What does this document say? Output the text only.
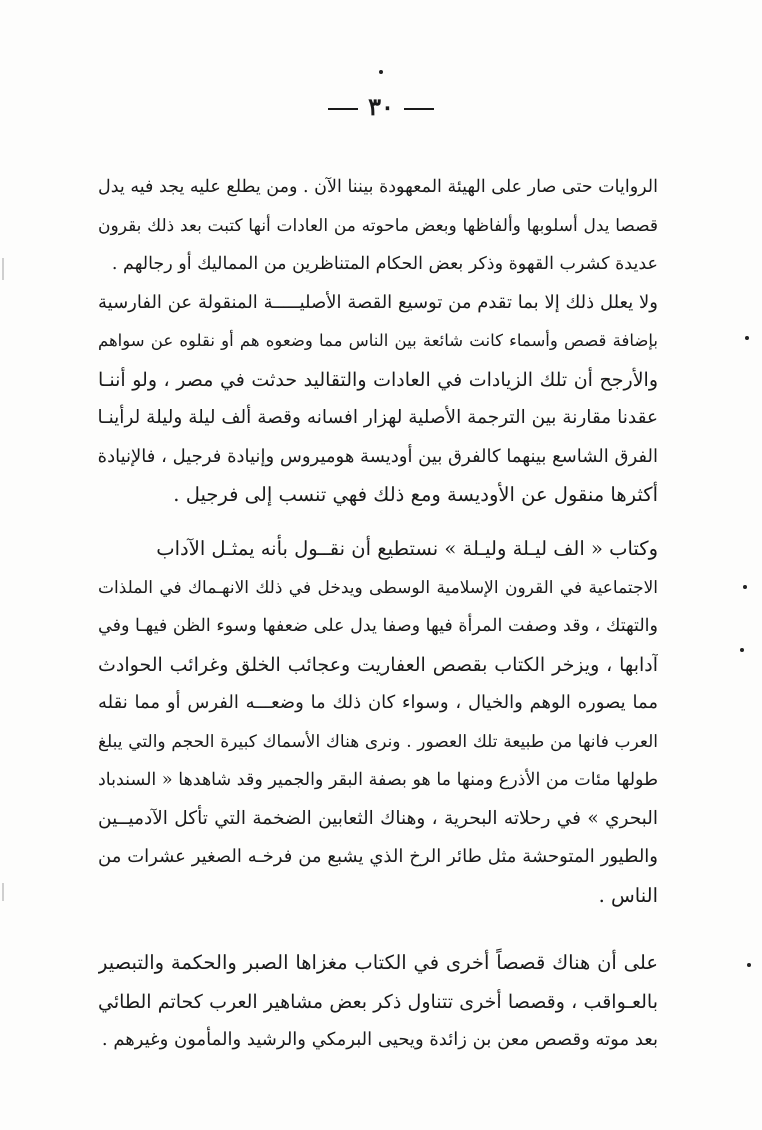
٣٠
الروايات حتى صار على الهيئة المعهودة بيننا الآن . ومن يطلع عليه يجد فيه يدل
قصصا يدل أسلوبها وألفاظها وبعض ماحوته من العادات أنها كتبت بعد ذلك بقرون
عديدة كشرب القهوة وذكر بعض الحكام المتناظرين من المماليك أو رجالهم .
ولا يعلل ذلك إلا بما تقدم من توسيع القصة الأصليـــــة المنقولة عن الفارسية
بإضافة قصص وأسماء كانت شائعة بين الناس مما وضعوه هم أو نقلوه عن سواهم
والأرجح أن تلك الزيادات في العادات والتقاليد حدثت في مصر ، ولو أننـا
عقدنا مقارنة بين الترجمة الأصلية لهزار افسانه وقصة ألف ليلة وليلة لرأينـا
الفرق الشاسع بينهما كالفرق بين أوديسة هوميروس وإنيادة فرجيل ، فالإنيادة
أكثرها منقول عن الأوديسة ومع ذلك فهي تنسب إلى فرجيل .
وكتاب « الف ليـلة وليـلة » نستطيع أن نقــول بأنه يمثـل الآداب
الاجتماعية في القرون الإسلامية الوسطى ويدخل في ذلك الانهـماك في الملذات
والتهتك ، وقد وصفت المرأة فيها وصفا يدل على ضعفها وسوء الظن فيهـا وفي
آدابها ، ويزخر الكتاب بقصص العفاريت وعجائب الخلق وغرائب الحوادث
مما يصوره الوهم والخيال ، وسواء كان ذلك ما وضعـــه الفرس أو مما نقله
العرب فانها من طبيعة تلك العصور . ونرى هناك الأسماك كبيرة الحجم والتي يبلغ
طولها مئات من الأذرع ومنها ما هو بصفة البقر والجمير وقد شاهدها « السندباد
البحري » في رحلاته البحرية ، وهناك الثعابين الضخمة التي تأكل الآدميــين
والطيور المتوحشة مثل طائر الرخ الذي يشبع من فرخـه الصغير عشرات من
الناس .
على أن هناك قصصاً أخرى في الكتاب مغزاها الصبر والحكمة والتبصير
بالعـواقب ، وقصصا أخرى تتناول ذكر بعض مشاهير العرب كحاتم الطائي
بعد موته وقصص معن بن زائدة ويحيى البرمكي والرشيد والمأمون وغيرهم .
